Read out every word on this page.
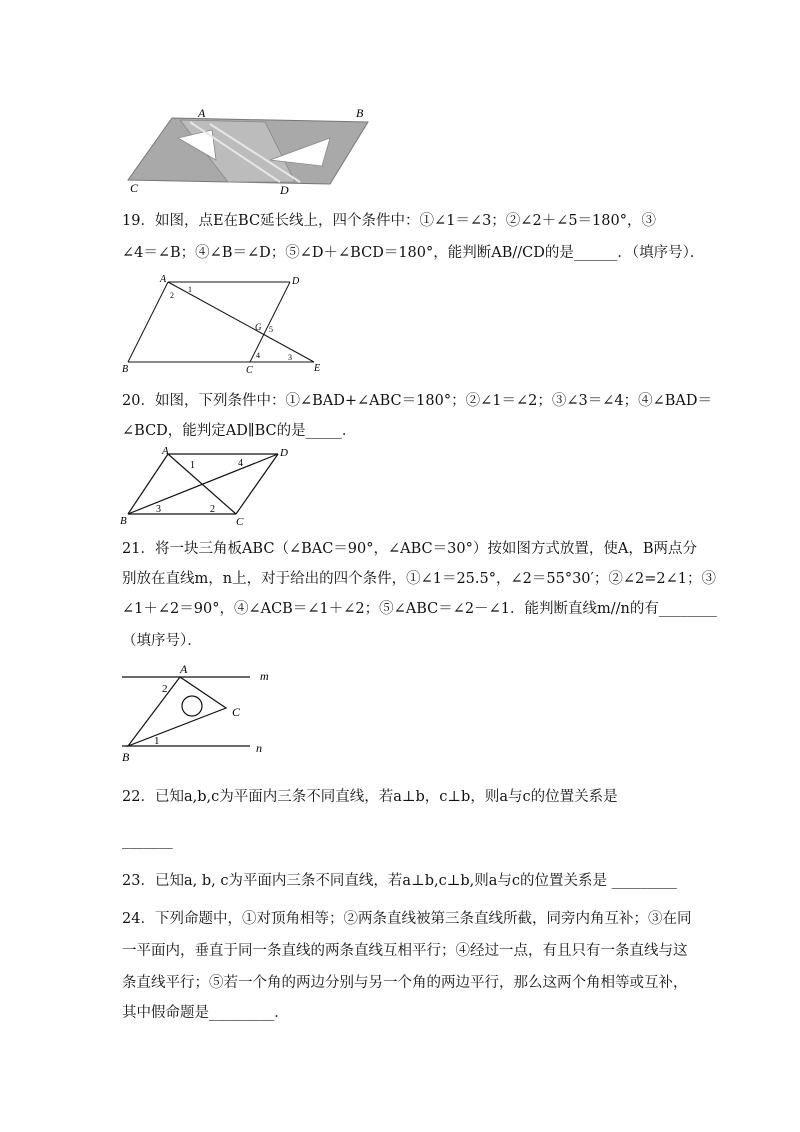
A	B
C	D
19．如图，点E在BC延长线上，四个条件中：①∠1＝∠3；②∠2＋∠5＝180°，③
∠4＝∠B；④∠B＝∠D；⑤∠D＋∠BCD＝180°，能判断AB//CD的是______．（填序号）．
A	D
B	C	E
G
1
2
3
4
5
20．如图，下列条件中：①∠BAD+∠ABC＝180°；②∠1＝∠2；③∠3＝∠4；④∠BAD＝
∠BCD，能判定AD∥BC的是_____．
A	D
B	C
1
2
3
4
21．将一块三角板ABC（∠BAC＝90°，∠ABC＝30°）按如图方式放置，使A，B两点分
别放在直线m，n上，对于给出的四个条件，①∠1＝25.5°，∠2＝55°30′；②∠2=2∠1；③
∠1＋∠2＝90°，④∠ACB＝∠1＋∠2；⑤∠ABC＝∠2－∠1．能判断直线m//n的有________
（填序号）．
A
B
C
m
n
1
2
22．已知a,b,c为平面内三条不同直线，若a⊥b，c⊥b，则a与c的位置关系是
_______
23．已知a, b, c为平面内三条不同直线，若a⊥b,c⊥b,则a与c的位置关系是 _________
24．下列命题中，①对顶角相等；②两条直线被第三条直线所截，同旁内角互补；③在同
一平面内，垂直于同一条直线的两条直线互相平行；④经过一点，有且只有一条直线与这
条直线平行；⑤若一个角的两边分别与另一个角的两边平行，那么这两个角相等或互补，
其中假命题是_________．
